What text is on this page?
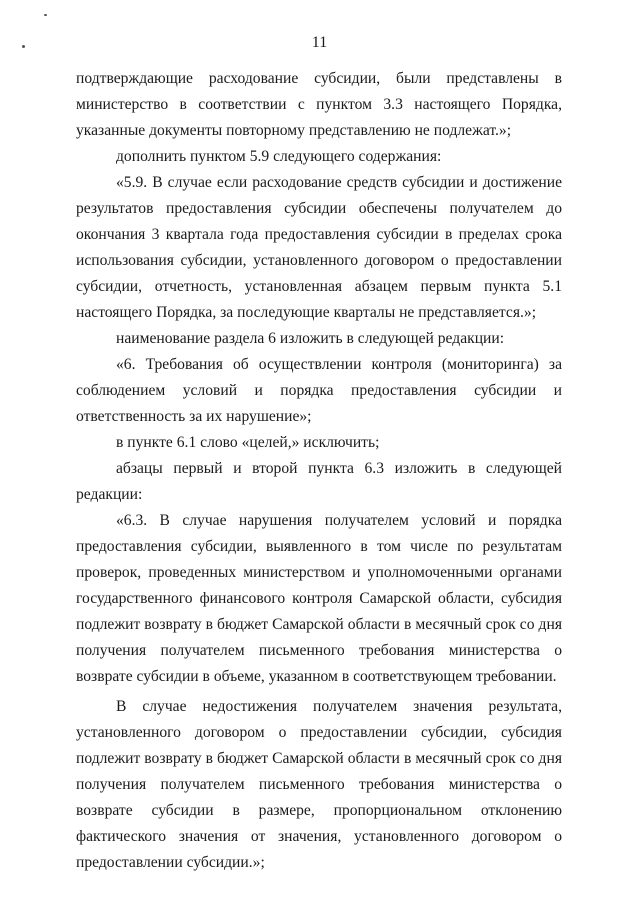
11

подтверждающие расходование субсидии, были представлены в министерство в соответствии с пунктом 3.3 настоящего Порядка, указанные документы повторному представлению не подлежат.»;

дополнить пунктом 5.9 следующего содержания:

«5.9. В случае если расходование средств субсидии и достижение результатов предоставления субсидии обеспечены получателем до окончания 3 квартала года предоставления субсидии в пределах срока использования субсидии, установленного договором о предоставлении субсидии, отчетность, установленная абзацем первым пункта 5.1 настоящего Порядка, за последующие кварталы не представляется.»;

наименование раздела 6 изложить в следующей редакции:

«6. Требования об осуществлении контроля (мониторинга) за соблюдением условий и порядка предоставления субсидии и ответственность за их нарушение»;

в пункте 6.1 слово «целей,» исключить;

абзацы первый и второй пункта 6.3 изложить в следующей редакции:

«6.3. В случае нарушения получателем условий и порядка предоставления субсидии, выявленного в том числе по результатам проверок, проведенных министерством и уполномоченными органами государственного финансового контроля Самарской области, субсидия подлежит возврату в бюджет Самарской области в месячный срок со дня получения получателем письменного требования министерства о возврате субсидии в объеме, указанном в соответствующем требовании.

В случае недостижения получателем значения результата, установленного договором о предоставлении субсидии, субсидия подлежит возврату в бюджет Самарской области в месячный срок со дня получения получателем письменного требования министерства о возврате субсидии в размере, пропорциональном отклонению фактического значения от значения, установленного договором о предоставлении субсидии.»;
